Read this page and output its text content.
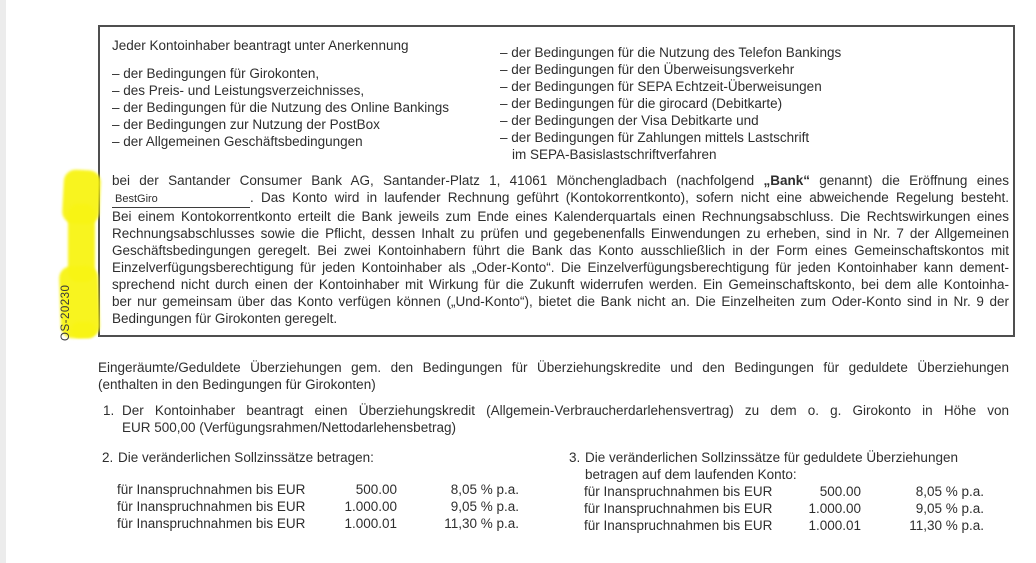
Jeder Kontoinhaber beantragt unter Anerkennung
– der Bedingungen für Girokonten,
– des Preis- und Leistungsverzeichnisses,
– der Bedingungen für die Nutzung des Online Bankings
– der Bedingungen zur Nutzung der PostBox
– der Allgemeinen Geschäftsbedingungen
– der Bedingungen für die Nutzung des Telefon Bankings
– der Bedingungen für den Überweisungsverkehr
– der Bedingungen für SEPA Echtzeit-Überweisungen
– der Bedingungen für die girocard (Debitkarte)
– der Bedingungen der Visa Debitkarte und
– der Bedingungen für Zahlungen mittels Lastschrift
im SEPA-Basislastschriftverfahren
bei der Santander Consumer Bank AG, Santander-Platz 1, 41061 Mönchengladbach (nachfolgend „Bank“ genannt) die Eröffnung eines
BestGiro	. Das Konto wird in laufender Rechnung geführt (Kontokorrentkonto), sofern nicht eine abweichende Regelung besteht.
Bei einem Kontokorrentkonto erteilt die Bank jeweils zum Ende eines Kalenderquartals einen Rechnungsabschluss. Die Rechtswirkungen eines
Rechnungsabschlusses sowie die Pflicht, dessen Inhalt zu prüfen und gegebenenfalls Einwendungen zu erheben, sind in Nr. 7 der Allgemeinen
Geschäftsbedingungen geregelt. Bei zwei Kontoinhabern führt die Bank das Konto ausschließlich in der Form eines Gemeinschaftskontos mit
Einzelverfügungsberechtigung für jeden Kontoinhaber als „Oder-Konto“. Die Einzelverfügungsberechtigung für jeden Kontoinhaber kann dement-
sprechend nicht durch einen der Kontoinhaber mit Wirkung für die Zukunft widerrufen werden. Ein Gemeinschaftskonto, bei dem alle Kontoinha-
ber nur gemeinsam über das Konto verfügen können („Und-Konto“), bietet die Bank nicht an. Die Einzelheiten zum Oder-Konto sind in Nr. 9 der
Bedingungen für Girokonten geregelt.
OS-20230
Eingeräumte/Geduldete Überziehungen gem. den Bedingungen für Überziehungskredite und den Bedingungen für geduldete Überziehungen
(enthalten in den Bedingungen für Girokonten)
1. Der Kontoinhaber beantragt einen Überziehungskredit (Allgemein-Verbraucherdarlehensvertrag) zu dem o. g. Girokonto in Höhe von
EUR 500,00 (Verfügungsrahmen/Nettodarlehensbetrag)
2. Die veränderlichen Sollzinssätze betragen:
für Inanspruchnahmen bis EUR	500.00	8,05 % p.a.
für Inanspruchnahmen bis EUR	1.000.00	9,05 % p.a.
für Inanspruchnahmen bis EUR	1.000.01	11,30 % p.a.
3. Die veränderlichen Sollzinssätze für geduldete Überziehungen
betragen auf dem laufenden Konto:
für Inanspruchnahmen bis EUR	500.00	8,05 % p.a.
für Inanspruchnahmen bis EUR	1.000.00	9,05 % p.a.
für Inanspruchnahmen bis EUR	1.000.01	11,30 % p.a.
